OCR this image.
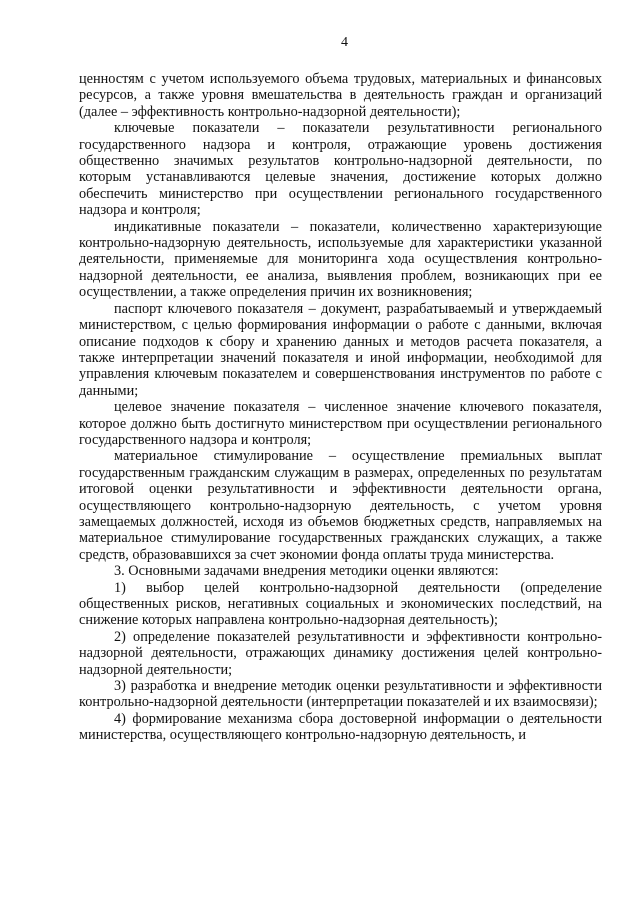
4

ценностям с учетом используемого объема трудовых, материальных и финансовых ресурсов, а также уровня вмешательства в деятельность граждан и организаций (далее – эффективность контрольно-надзорной деятельности);

ключевые показатели – показатели результативности регионального государственного надзора и контроля, отражающие уровень достижения общественно значимых результатов контрольно-надзорной деятельности, по которым устанавливаются целевые значения, достижение которых должно обеспечить министерство при осуществлении регионального государственного надзора и контроля;

индикативные показатели – показатели, количественно характеризующие контрольно-надзорную деятельность, используемые для характеристики указанной деятельности, применяемые для мониторинга хода осуществления контрольно-надзорной деятельности, ее анализа, выявления проблем, возникающих при ее осуществлении, а также определения причин их возникновения;

паспорт ключевого показателя – документ, разрабатываемый и утверждаемый министерством, с целью формирования информации о работе с данными, включая описание подходов к сбору и хранению данных и методов расчета показателя, а также интерпретации значений показателя и иной информации, необходимой для управления ключевым показателем и совершенствования инструментов по работе с данными;

целевое значение показателя – численное значение ключевого показателя, которое должно быть достигнуто министерством при осуществлении регионального государственного надзора и контроля;

материальное стимулирование – осуществление премиальных выплат государственным гражданским служащим в размерах, определенных по результатам итоговой оценки результативности и эффективности деятельности органа, осуществляющего контрольно-надзорную деятельность, с учетом уровня замещаемых должностей, исходя из объемов бюджетных средств, направляемых на материальное стимулирование государственных гражданских служащих, а также средств, образовавшихся за счет экономии фонда оплаты труда министерства.

3. Основными задачами внедрения методики оценки являются:

1) выбор целей контрольно-надзорной деятельности (определение общественных рисков, негативных социальных и экономических последствий, на снижение которых направлена контрольно-надзорная деятельность);

2) определение показателей результативности и эффективности контрольно-надзорной деятельности, отражающих динамику достижения целей контрольно-надзорной деятельности;

3) разработка и внедрение методик оценки результативности и эффективности контрольно-надзорной деятельности (интерпретации показателей и их взаимосвязи);

4) формирование механизма сбора достоверной информации о деятельности министерства, осуществляющего контрольно-надзорную деятельность, и
